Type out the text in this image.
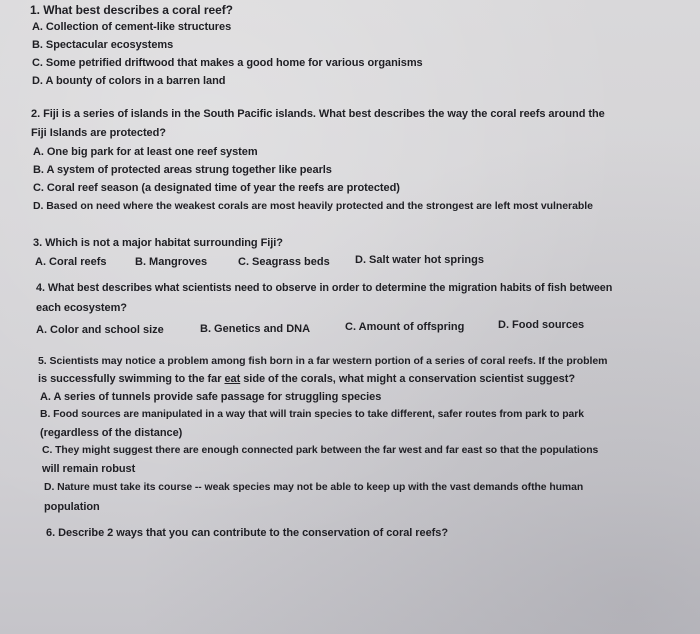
1. What best describes a coral reef?
A. Collection of cement-like structures
B. Spectacular ecosystems
C. Some petrified driftwood that makes a good home for various organisms
D. A bounty of colors in a barren land
2. Fiji is a series of islands in the South Pacific islands. What best describes the way the coral reefs around the
Fiji Islands are protected?
A. One big park for at least one reef system
B. A system of protected areas strung together like pearls
C. Coral reef season (a designated time of year the reefs are protected)
D. Based on need where the weakest corals are most heavily protected and the strongest are left most vulnerable
3. Which is not a major habitat surrounding Fiji?
A. Coral reefs	B. Mangroves	C. Seagrass beds D. Salt water hot springs
4. What best describes what scientists need to observe in order to determine the migration habits of fish between
each ecosystem?
A. Color and school size	B. Genetics and DNA	C. Amount of offspring	D. Food sources
5. Scientists may notice a problem among fish born in a far western portion of a series of coral reefs. If the problem
is successfully swimming to the far eat side of the corals, what might a conservation scientist suggest?
A. A series of tunnels provide safe passage for struggling species
B. Food sources are manipulated in a way that will train species to take different, safer routes from park to park
(regardless of the distance)
C. They might suggest there are enough connected park between the far west and far east so that the populations
will remain robust
D. Nature must take its course -- weak species may not be able to keep up with the vast demands ofthe human
population
6. Describe 2 ways that you can contribute to the conservation of coral reefs?
